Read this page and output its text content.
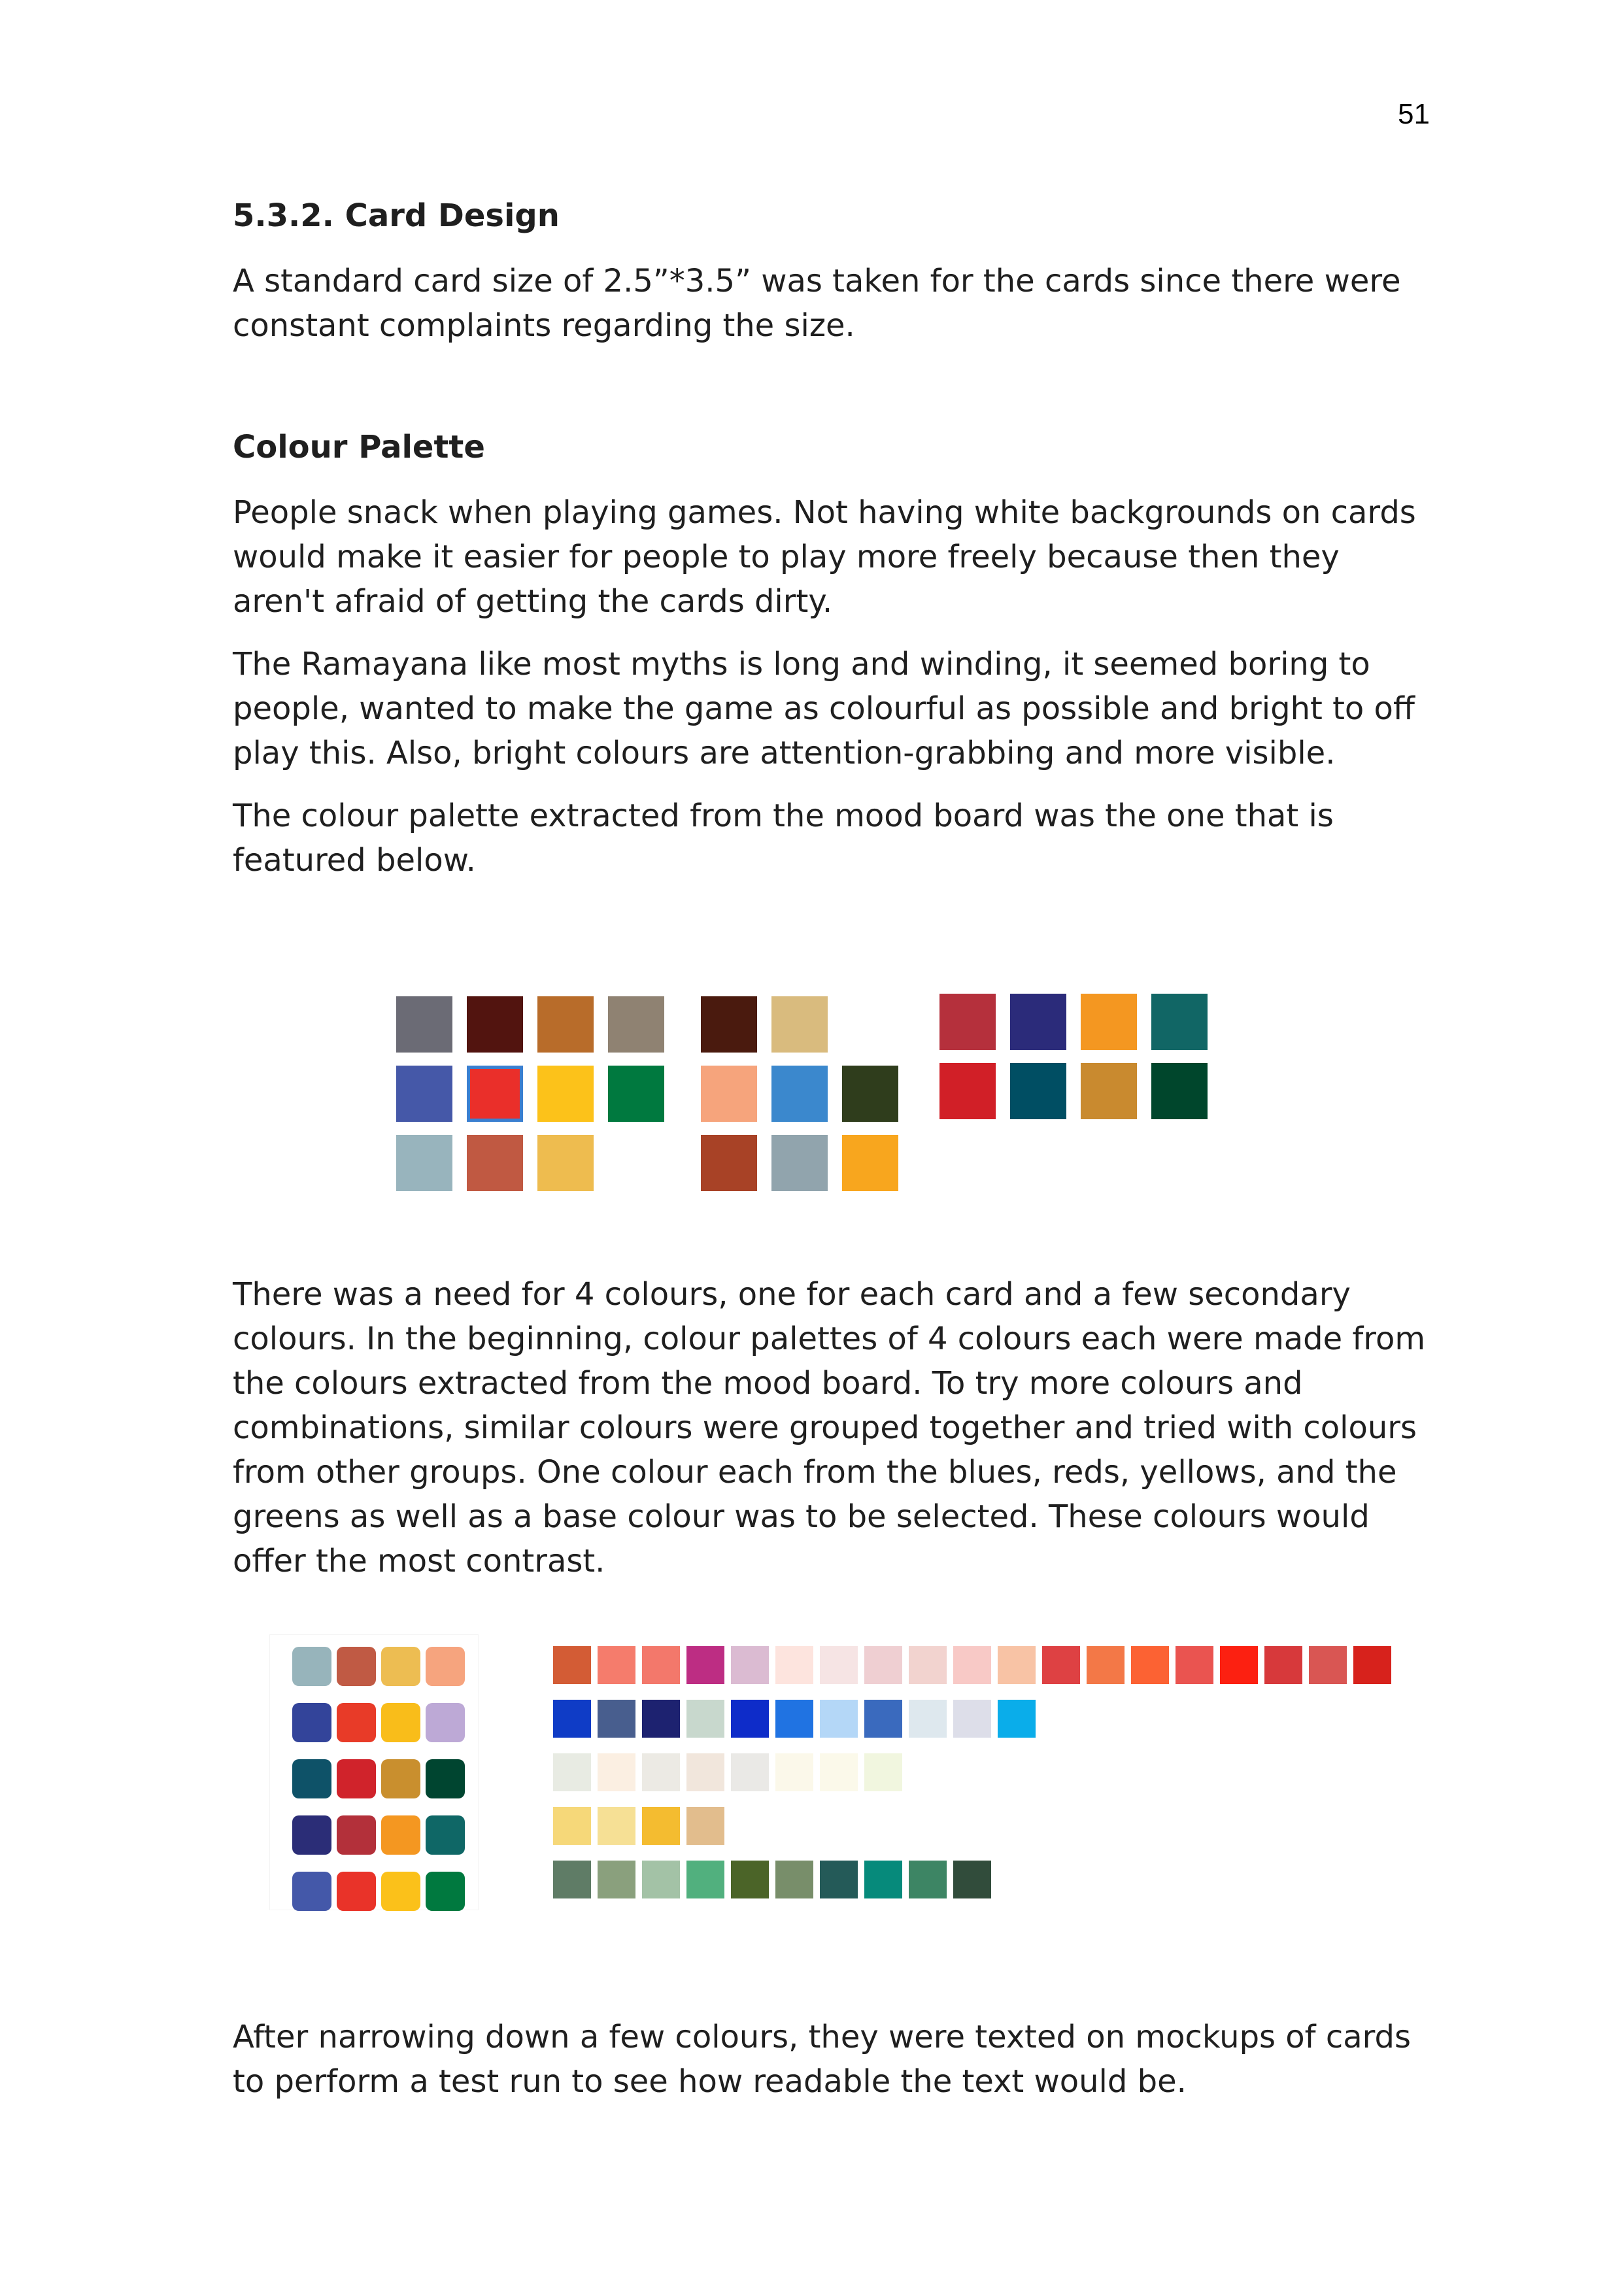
51
5.3.2. Card Design

A standard card size of 2.5”*3.5” was taken for the cards since there were constant complaints regarding the size.

Colour Palette

People snack when playing games. Not having white backgrounds on cards would make it easier for people to play more freely because then they aren't afraid of getting the cards dirty.

The Ramayana like most myths is long and winding, it seemed boring to people, wanted to make the game as colourful as possible and bright to off play this. Also, bright colours are attention-grabbing and more visible.

The colour palette extracted from the mood board was the one that is featured below.

There was a need for 4 colours, one for each card and a few secondary colours. In the beginning, colour palettes of 4 colours each were made from the colours extracted from the mood board. To try more colours and combinations, similar colours were grouped together and tried with colours from other groups. One colour each from the blues, reds, yellows, and the greens as well as a base colour was to be selected. These colours would offer the most contrast.

After narrowing down a few colours, they were texted on mockups of cards to perform a test run to see how readable the text would be.
